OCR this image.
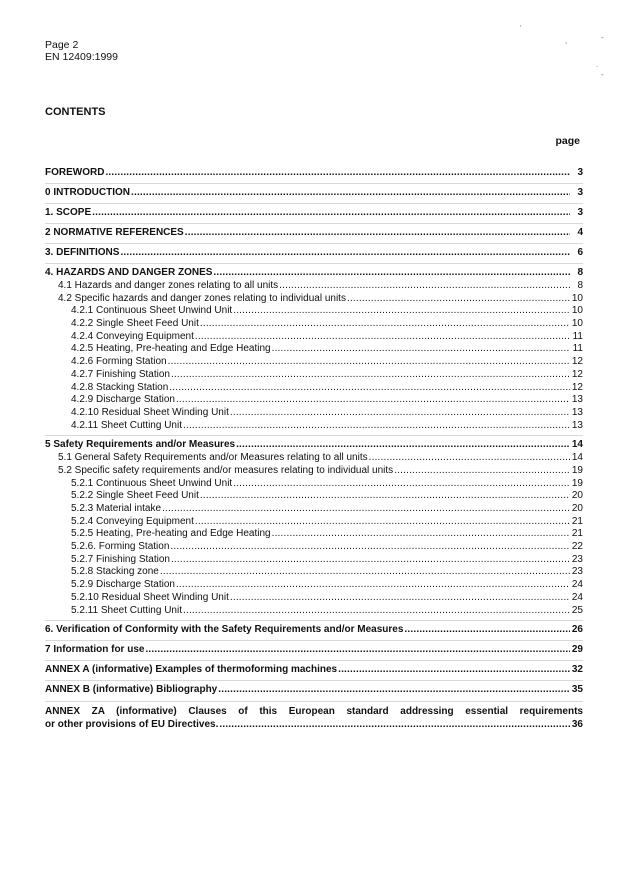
Page 2
EN 12409:1999
CONTENTS
page
FOREWORD .....	3
0 INTRODUCTION .....	3
1. SCOPE .....	3
2 NORMATIVE REFERENCES .....	4
3. DEFINITIONS .....	6
4. HAZARDS AND DANGER ZONES .....	8
4.1 Hazards and danger zones relating to all units .....	8
4.2 Specific hazards and danger zones relating to individual units .....	10
4.2.1 Continuous Sheet Unwind Unit .....	10
4.2.2 Single Sheet Feed Unit .....	10
4.2.4 Conveying Equipment .....	11
4.2.5 Heating, Pre-heating and Edge Heating .....	11
4.2.6 Forming Station .....	12
4.2.7 Finishing Station .....	12
4.2.8 Stacking Station .....	12
4.2.9 Discharge Station .....	13
4.2.10 Residual Sheet Winding Unit .....	13
4.2.11 Sheet Cutting Unit .....	13
5 Safety Requirements and/or Measures .....	14
5.1 General Safety Requirements and/or Measures relating to all units .....	14
5.2 Specific safety requirements and/or measures relating to individual units .....	19
5.2.1 Continuous Sheet Unwind Unit .....	19
5.2.2 Single Sheet Feed Unit .....	20
5.2.3 Material intake .....	20
5.2.4 Conveying Equipment .....	21
5.2.5 Heating, Pre-heating and Edge Heating .....	21
5.2.6. Forming Station .....	22
5.2.7 Finishing Station .....	23
5.2.8 Stacking zone .....	23
5.2.9 Discharge Station .....	24
5.2.10 Residual Sheet Winding Unit .....	24
5.2.11 Sheet Cutting Unit .....	25
6. Verification of Conformity with the Safety Requirements and/or Measures .....	26
7 Information for use .....	29
ANNEX A (informative) Examples of thermoforming machines .....	32
ANNEX B (informative) Bibliography .....	35
ANNEX ZA (informative) Clauses of this European standard addressing essential requirements
or other provisions of EU Directives. .....	36
'
,	-
.
-
